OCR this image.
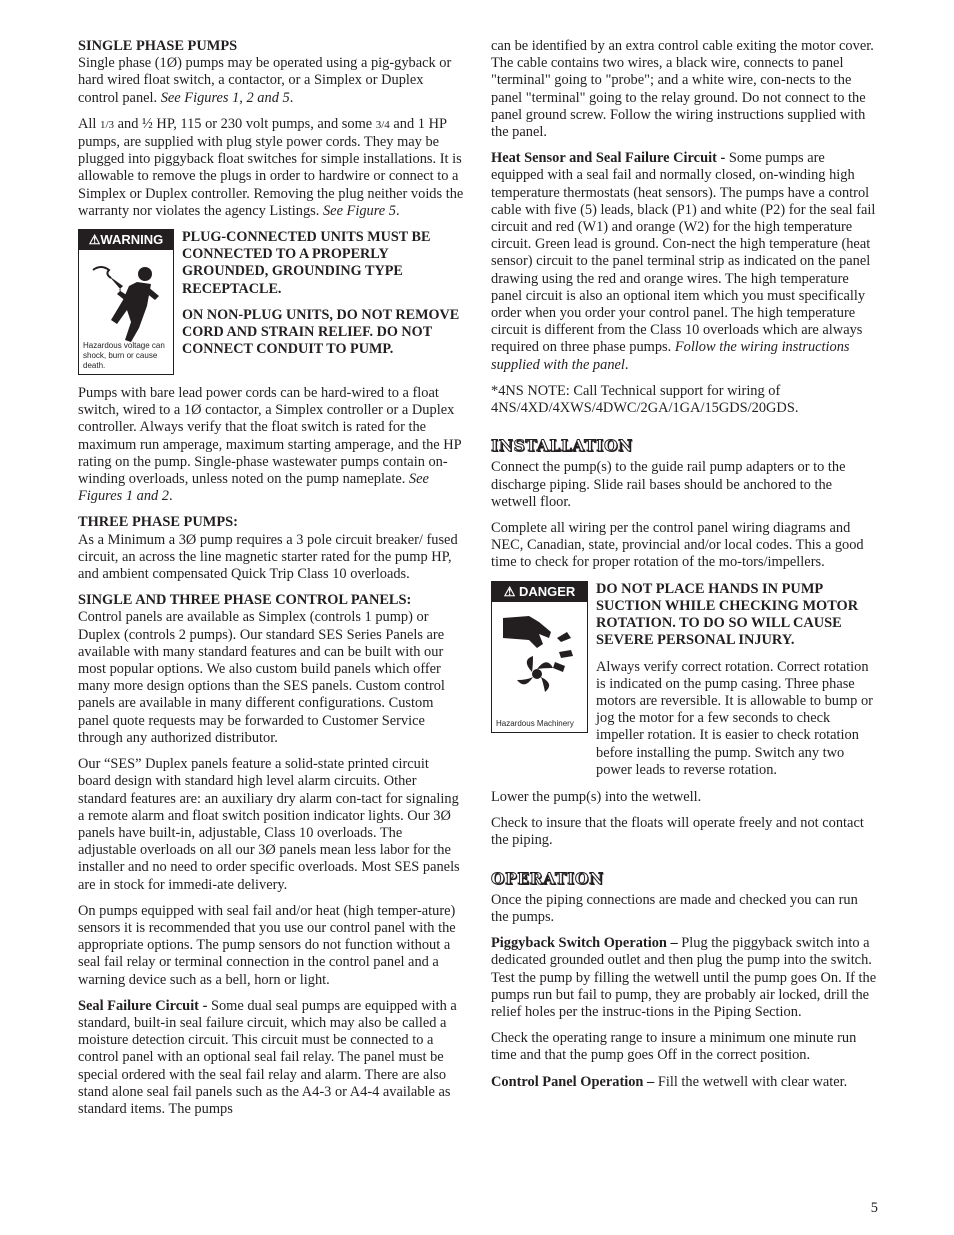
SINGLE PHASE PUMPS

Single phase (1Ø) pumps may be operated using a pig-gyback or hard wired float switch, a contactor, or a Simplex or Duplex control panel. See Figures 1, 2 and 5.

All 1/3 and ½ HP, 115 or 230 volt pumps, and some 3/4 and 1 HP pumps, are supplied with plug style power cords. They may be plugged into piggyback float switches for simple installations. It is allowable to remove the plugs in order to hardwire or connect to a Simplex or Duplex controller. Removing the plug neither voids the warranty nor violates the agency Listings. See Figure 5.

⚠WARNING
Hazardous voltage can shock, burn or cause death.

PLUG-CONNECTED UNITS MUST BE CONNECTED TO A PROPERLY GROUNDED, GROUNDING TYPE RECEPTACLE.

ON NON-PLUG UNITS, DO NOT REMOVE CORD AND STRAIN RELIEF. DO NOT CONNECT CONDUIT TO PUMP.

Pumps with bare lead power cords can be hard-wired to a float switch, wired to a 1Ø contactor, a Simplex controller or a Duplex controller. Always verify that the float switch is rated for the maximum run amperage, maximum starting amperage, and the HP rating on the pump. Single-phase wastewater pumps contain on-winding overloads, unless noted on the pump nameplate. See Figures 1 and 2.

THREE PHASE PUMPS:

As a Minimum a 3Ø pump requires a 3 pole circuit breaker/ fused circuit, an across the line magnetic starter rated for the pump HP, and ambient compensated Quick Trip Class 10 overloads.

SINGLE AND THREE PHASE CONTROL PANELS:

Control panels are available as Simplex (controls 1 pump) or Duplex (controls 2 pumps). Our standard SES Series Panels are available with many standard features and can be built with our most popular options. We also custom build panels which offer many more design options than the SES panels. Custom control panels are available in many different configurations. Custom panel quote requests may be forwarded to Customer Service through any authorized distributor.

Our “SES” Duplex panels feature a solid-state printed circuit board design with standard high level alarm circuits. Other standard features are: an auxiliary dry alarm con-tact for signaling a remote alarm and float switch position indicator lights. Our 3Ø panels have built-in, adjustable, Class 10 overloads. The adjustable overloads on all our 3Ø panels mean less labor for the installer and no need to order specific overloads. Most SES panels are in stock for immedi-ate delivery.

On pumps equipped with seal fail and/or heat (high temper-ature) sensors it is recommended that you use our control panel with the appropriate options. The pump sensors do not function without a seal fail relay or terminal connection in the control panel and a warning device such as a bell, horn or light.

Seal Failure Circuit - Some dual seal pumps are equipped with a standard, built-in seal failure circuit, which may also be called a moisture detection circuit. This circuit must be connected to a control panel with an optional seal fail relay. The panel must be special ordered with the seal fail relay and alarm. There are also stand alone seal fail panels such as the A4-3 or A4-4 available as standard items. The pumps

can be identified by an extra control cable exiting the motor cover. The cable contains two wires, a black wire, connects to panel "terminal" going to "probe"; and a white wire, con-nects to the panel "terminal" going to the relay ground. Do not connect to the panel ground screw. Follow the wiring instructions supplied with the panel.

Heat Sensor and Seal Failure Circuit - Some pumps are equipped with a seal fail and normally closed, on-winding high temperature thermostats (heat sensors). The pumps have a control cable with five (5) leads, black (P1) and white (P2) for the seal fail circuit and red (W1) and orange (W2) for the high temperature circuit. Green lead is ground. Con-nect the high temperature (heat sensor) circuit to the panel terminal strip as indicated on the panel drawing using the red and orange wires. The high temperature panel circuit is also an optional item which you must specifically order when you order your control panel. The high temperature circuit is different from the Class 10 overloads which are always required on three phase pumps. Follow the wiring instructions supplied with the panel.

*4NS NOTE: Call Technical support for wiring of 4NS/4XD/4XWS/4DWC/2GA/1GA/15GDS/20GDS.

INSTALLATION

Connect the pump(s) to the guide rail pump adapters or to the discharge piping. Slide rail bases should be anchored to the wetwell floor.

Complete all wiring per the control panel wiring diagrams and NEC, Canadian, state, provincial and/or local codes. This a good time to check for proper rotation of the mo-tors/impellers.

⚠ DANGER
Hazardous Machinery

DO NOT PLACE HANDS IN PUMP SUCTION WHILE CHECKING MOTOR ROTATION. TO DO SO WILL CAUSE SEVERE PERSONAL INJURY.

Always verify correct rotation. Correct rotation is indicated on the pump casing. Three phase motors are reversible. It is allowable to bump or jog the motor for a few seconds to check impeller rotation. It is easier to check rotation before installing the pump. Switch any two power leads to reverse rotation.

Lower the pump(s) into the wetwell.

Check to insure that the floats will operate freely and not contact the piping.

OPERATION

Once the piping connections are made and checked you can run the pumps.

Piggyback Switch Operation – Plug the piggyback switch into a dedicated grounded outlet and then plug the pump into the switch. Test the pump by filling the wetwell until the pump goes On. If the pumps run but fail to pump, they are probably air locked, drill the relief holes per the instruc-tions in the Piping Section.

Check the operating range to insure a minimum one minute run time and that the pump goes Off in the correct position.

Control Panel Operation – Fill the wetwell with clear water.

5
